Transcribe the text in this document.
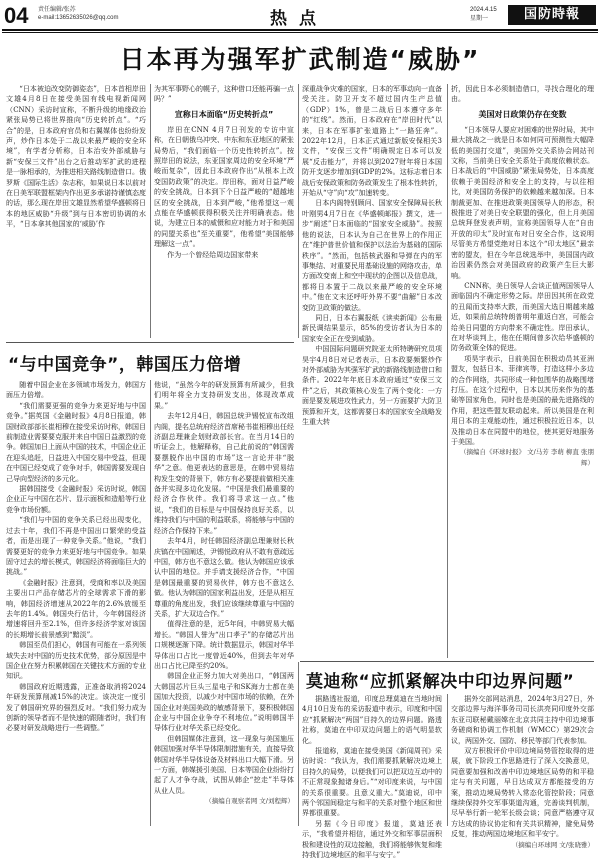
04 责任编辑/张苏
e-mail:13652635026@qq.com	热点	2024.4.15
星期一	国防時報
日本再为强军扩武制造“威胁”

“日本被迫改变防御姿态”，日本首相岸田文雄4月8日在接受美国有线电视新闻网（CNN）采访时宣称，不断升级的地缘政治紧张局势已将世界推向“历史转折点”。“巧合”的是，日本政府官员和右翼媒体也纷纷发声，炒作日本处于二战以来最严峻的安全环境”，有学者分析称，日本治安外部威胁与新“安保三文件”出台之后推动军扩武的进程是一脉相承的，为推进相关路线制造借口。俄罗斯《国际生活》杂志称，如果说日本以前对在日美军联盟框架内作出更多承诺持谨慎态度的话，那么现在岸田文雄显然希望华盛顿将日本的地区威胁“升级”到与日本密切协调的水平，“日本拿其他国家的‘威胁’作

为其军事野心的幌子，这种借口还能再骗一点吗？”

宣称日本面临“历史转折点”

岸田在CNN 4月7日刊发的专访中宣称，在日朝俄乌冲突、中东和东亚地区的紧张局势后，“我们面临一个历史性转折点”。按照岸田的说法，东亚国家周边的安全环境“严峻而复杂”，因此日本政府作出“从根本上改变国防政策”的决定。岸田称，面对日益严峻的安全挑战，日本到下个日益严峻的“超越地区的安全挑战，日本到严峻，”他希望这一观点能在华盛顿获得积极关注并明确表态。他说，为建立日本的威慑和应对能力对于和美国的同盟关系也”至关重要”，他希望“美国能够理解这一点”。

作为一个曾经给周边国家带来

深重战争灾难的国家，日本的军事动向一直备受关注。防卫开支不超过国内生产总值（GDP）1%，曾是二战后日本遵守多年的“红线”。然而，日本政府在“岸田时代”以来，日本在军事扩张道路上“一路狂奔”。2022年12月，日本正式通过新版安保相关3文件，“安保三文件”明确规定日本可以发展“反击能力”，并将以到2027财年将日本国防开支逐步增加到GDP的2%。这标志着日本战后安保政策和防务政策发生了根本性转折，开始从“守”向“攻”加速转变。

日本内阁特别顾问、国家安全保障局长秋叶刚男4月7日在《华盛顿邮报》撰文，进一步“阐述”日本面临的“国家安全威胁”。按照他的说法，日本认为自己在世界上的作用正在“维护普世价值和保护以法治为基础的国际秩序”。“然而，包括核武器和导弹在内的军事集结、对重要民用基础设施的网络攻击，单方面改变南上和空中现状的企图以及信息战，都将日本置于二战以来最严峻的安全环境中。”他在文末还呼吁外界不要“曲解”日本改变防卫政策的做法。

同日，日本右翼报纸《读卖新闻》公布最新民调结果显示，85%的受访者认为日本的国家安全正在受到威胁。

中国国际问题研究院亚太所特聘研究员项昊宇4月8日对记者表示，日本政要频繁炒作对外部威胁为其强军扩武的新路线制造借口和条件。2022年年底日本政府通过“安保三文件”之后，其政策核心发生了两个变化：一方面是要发展进攻性武力，另一方面要扩大防卫预算和开支，这都需要日本的国家安全战略发生重大转

折，因此日本必须制造借口，寻找合理化的理由。

美国对日政策仍存在变数

“日本领导人要应对困难的世界时局，其中最大挑战之一就是日本如何同可预测性大幅降低的美国打交道”，美国外交关系协会网站刊文称，当前美日安全关系处于高度依赖状态。日本战后的“中国威胁”紧张局势处，日本高度依赖于美国经济和安全上的支持，与以往相比，对美国防务保护的依赖越来越加深。日本制裁更加、在推进政策美国领导人的形态，积极推进了对美日安全联盟的强化，但上月美国总统拜登发表声明，宣称美国领导人在“自由开放的印太”及时宣布对日安全合作，这说明尽管美方希望党绝对日本这个“印太地区”最亲密的盟友，但在今年总统选举中，美国国内政治因素仍然会对美国政府的政策产生巨大影响。

CNN称，美日领导人会谈正值两国领导人面临国内不确定形势之际。岸田因其所在政党的丑闻而支持率大跌，而美国大选日期越来越近，如果前总统特朗普明年重返白宫，可能会给美日同盟的方向带来不确定性。岸田承认，在对华谈判上，他在任期间曾多次给华盛顿的防务政策全体的促进。

项昊宇表示，日前美国在积极动员其亚洲盟友，包括日本、菲律宾等，打造这样小多边的合作网络，共同形成一种包围华的战略围堵打压。在这个过程中，日本以其历来作为的基础等国家角色，同时也是美国的最先进路线的作用，把这些盟友联动起来。所以美国是在利用日本的主观能动性，通过积极拉近日本，以及推动日本在同盟中的地位，使其更好地服务于美国。

（摘编自《环球时报》 文/马芳 李萌 柳直 张朋辉）
“与中国竞争”，韩国压力倍增

随着中国企业在多领域市场发力，韩国方面压力倍增。

“我们需要更强的竞争力来更好地与中国竞争。”据英国《金融时报》4月8日报道，韩国财政部部长崔相穆在接受采访时称，韩国目前制造业需要要克服并来自中国日益激烈的竞争。韩国加日上面从中国的技术，中国企业正在迎头追赶，日益进入中国交易中受益，但现在中国已经变成了竞争对手，韩国需要发现自己导向型经济的多元化。

据韩国接受《金融时报》采访时说，韩国企业正与中国在芯片、显示面板和造船等行业竞争市场份额。

“我们与中国的竞争关系已经出现变化，过去十年，我们不再是中国出口繁荣的受益者，而是出现了一种竞争关系。”他说，“我们需要更好的竞争力来更好地与中国竞争。如果固守过去的增长模式，韩国经济将面临巨大的挑战。”

《金融时报》注意到，受商和率以及美国主要出口产品存储芯片的全球需求下滑的影响，韩国经济增速从2022年的2.6%放缓至去年的1.4%。韩国央行估计，今年韩国经济增速将回升至2.1%，但许多经济学家对该国的长期增长前景感到“黯淡”。

韩国至员们担心，韩国有可能在一系列领域失去对中国的历史技术优势，部分原因是中国企业在努力积累韩国在关键技术方面的专业知识。

韩国政府近期透露，正准备取消将2024年研发预算削减15%的决定。该决定一度引发了韩国研究界的强烈反对。“我们努力成为创新的领导者而不是快速的跟随者时，我们有必要对研发战略进行一些调整。”

他说，“虽然今年的研发预算有所减少，但我们明年将全力支持研发支出，体现改革成果。”

去年12月4日，韩国总统尹锡悦宣布改组内阁，提名总统府经济首席秘书崔相穆出任经济副总理兼企划财政部长官。在当月14日的听证会上，他解释称，自己此前说的“韩国需要摆脱作出中国的市场”这一言论并非“脱华”之意。他更表达的意思是，在韩中贸易结构发生变的背景下，韩方有必要提前做相关准备并实现多边化发展。“中国是我们最重要的经济合作伙伴。我们将寻求这一点。”他说，“我们的目标是与中国保持良好关系，以维持我们与中国的利益联系，将能够与中国的经济合作保持下来。”

去年4月，时任韩国经济副总理兼财长秋庆镐在中国阐述，尹锡悦政府从不敢有意疏远中国，韩方也不意这么做。他认为韩国应该承认中国的地位。并手请支援经济合作，“中国是韩国最重要的贸易伙伴，韩方也不意这么做。他认为韩国的国家利益出发，还是从相互尊重的角度出发，我们应该继续尊重与中国的关系，扩大双边合作。”

值得注意的是，近5年间，中韩贸易大幅增长。“韩国人誉为“出口孝子”的存储芯片出口规模逐渐下降。统计数据显示，韩国对华半导体出口占比一度曾近40%，但到去年对华出口占比已降至约20%。

韩国企业正努力加大对美出口，“韩国两大韩国芯片巨头三星电子和SK海力士都在美国加大投资，以减少对中国市场的依赖，在外国企业对美国美政的敏感背景下，要积极韩国企业与中国企业争夺不利地位。”说明韩国半导体行业对华关系已经变化。

但韩国媒体注意到，这一现象与美国施压韩国加强对华半导体限制措施有关，直接导致韩国对华半导体设备及材料出口大幅下滑。另一方面，韩媒援引美国、日本等国企业纷纷打起了人才争夺战，试图从韩企“挖走”半导体从业人员。

（摘编自观察者网 文/刘程辉）
莫迪称“应抓紧解决中印边界问题”

据路透社报道，印度总理莫迪在当地时间4月10日发布的采访报道中表示，印度和中国应“抓紧解决“两国”目持久的边界问题。路透社称，莫迪在中印双边问题上的语气明显软化。

报道称，莫迪在接受美国《新闻周刊》采访时说：“我认为，我们需要抓紧解决边境上目持久的局势，以便我们可以把双边互动中的不正常现象抛诸身后。”“对印度来说，与中国的关系很重要。且意义重大。”莫迪说，印中两个邻国间稳定与和平的关系对整个地区和世界都很重要。

另据《今日印度》报道，莫迪还表示，“我希望并相信，通过外交和军事层面积极和建设性的双边接触，我们将能够恢复和维持我们边境地区的和平与安宁。”

据外交部网站消息，2024年3月27日，外交部边界与海洋事务司司长洪亮同印度外交部东亚司联秘戴丽嫦在北京共同主持中印边境事务磋商和协调工作机制（WMCC）第29次会议，两国外交、国防、移民等部门代表参加。

双方积极评价中印边境局势管控取得的进展，就下阶段工作思路进行了深入交换意见，同意要加强和改善中印边境地区局势的和平稳定与有关问题，早日达成双方都能接受的方案，推动边境局势转入常态化管控阶段；同意继续保持外交军事渠道沟通，完善谈判机制，尽早举行新一轮军长级会谈；同意严格遵守双方达成的协议协定和有关共识精神，避免局势反复，推动两国边境地区和平安宁。

（摘编自环球网 文/张晓雅）
